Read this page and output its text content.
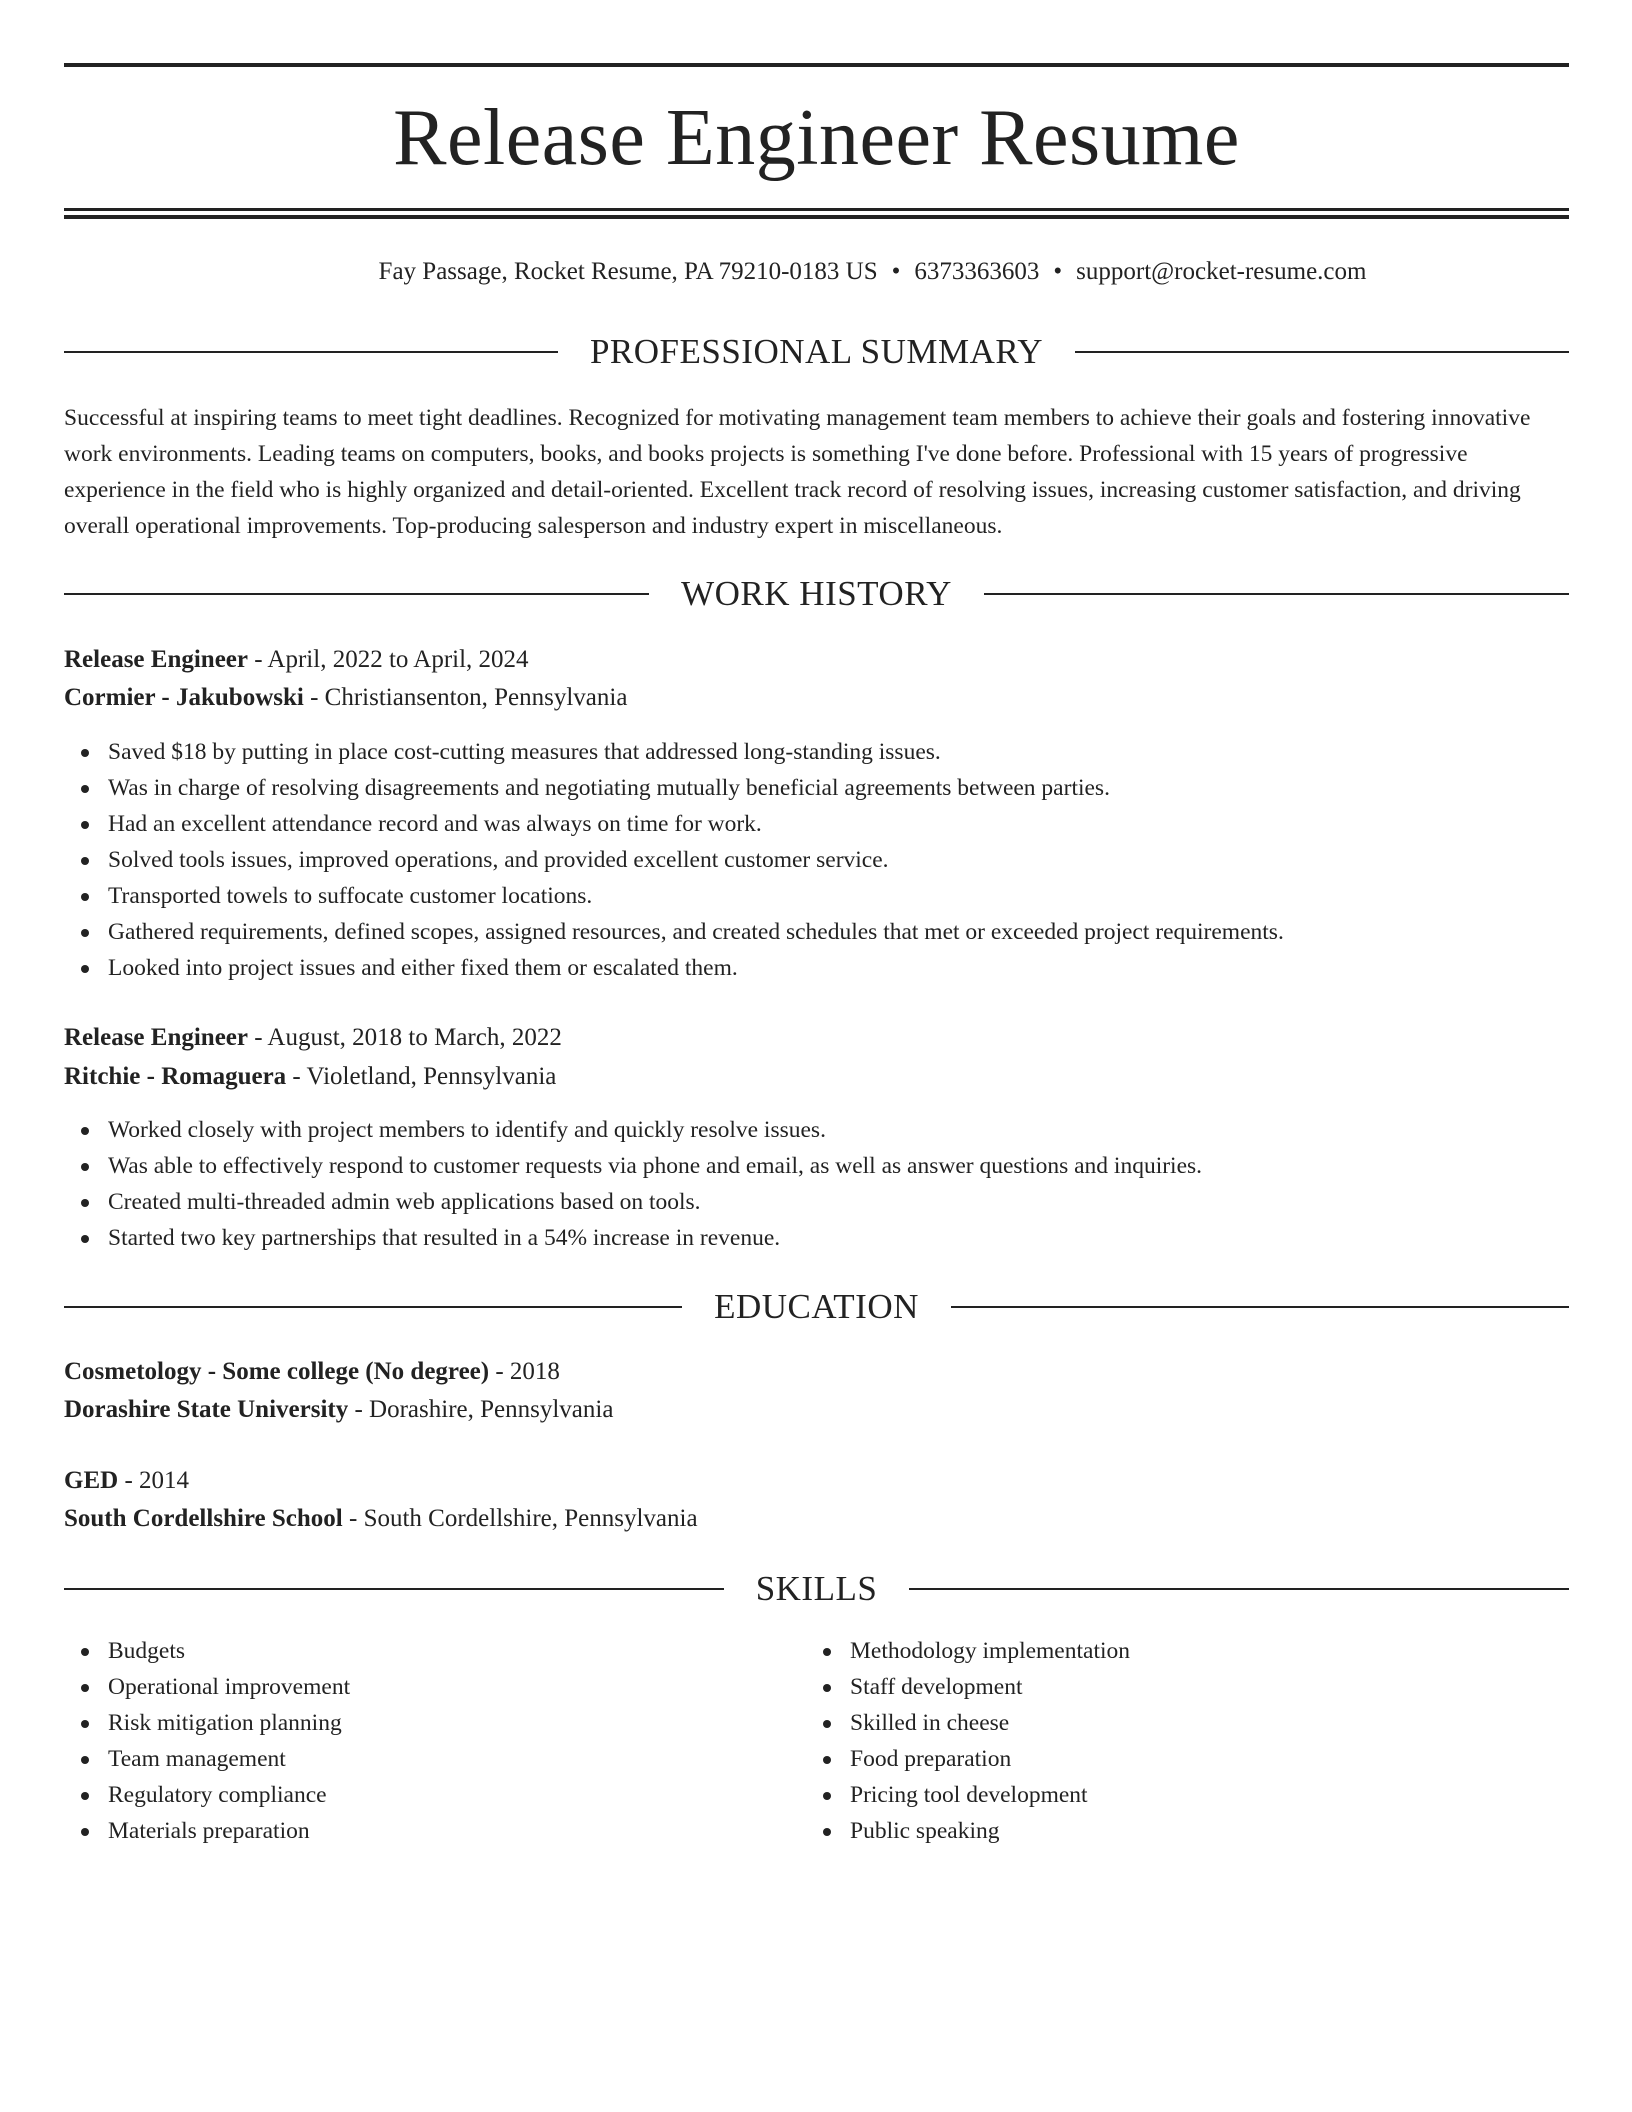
Release Engineer Resume
Fay Passage, Rocket Resume, PA 79210-0183 US • 6373363603 • support@rocket-resume.com
PROFESSIONAL SUMMARY

Successful at inspiring teams to meet tight deadlines. Recognized for motivating management team members to achieve their goals and fostering innovative work environments. Leading teams on computers, books, and books projects is something I've done before. Professional with 15 years of progressive experience in the field who is highly organized and detail-oriented. Excellent track record of resolving issues, increasing customer satisfaction, and driving overall operational improvements. Top-producing salesperson and industry expert in miscellaneous.

WORK HISTORY
Release Engineer - April, 2022 to April, 2024
Cormier - Jakubowski - Christiansenton, Pennsylvania
Saved $18 by putting in place cost-cutting measures that addressed long-standing issues.
Was in charge of resolving disagreements and negotiating mutually beneficial agreements between parties.
Had an excellent attendance record and was always on time for work.
Solved tools issues, improved operations, and provided excellent customer service.
Transported towels to suffocate customer locations.
Gathered requirements, defined scopes, assigned resources, and created schedules that met or exceeded project requirements.
Looked into project issues and either fixed them or escalated them.
Release Engineer - August, 2018 to March, 2022
Ritchie - Romaguera - Violetland, Pennsylvania
Worked closely with project members to identify and quickly resolve issues.
Was able to effectively respond to customer requests via phone and email, as well as answer questions and inquiries.
Created multi-threaded admin web applications based on tools.
Started two key partnerships that resulted in a 54% increase in revenue.
EDUCATION
Cosmetology - Some college (No degree) - 2018
Dorashire State University - Dorashire, Pennsylvania
GED - 2014
South Cordellshire School - South Cordellshire, Pennsylvania
SKILLS
Budgets
Operational improvement
Risk mitigation planning
Team management
Regulatory compliance
Materials preparation
Methodology implementation
Staff development
Skilled in cheese
Food preparation
Pricing tool development
Public speaking
